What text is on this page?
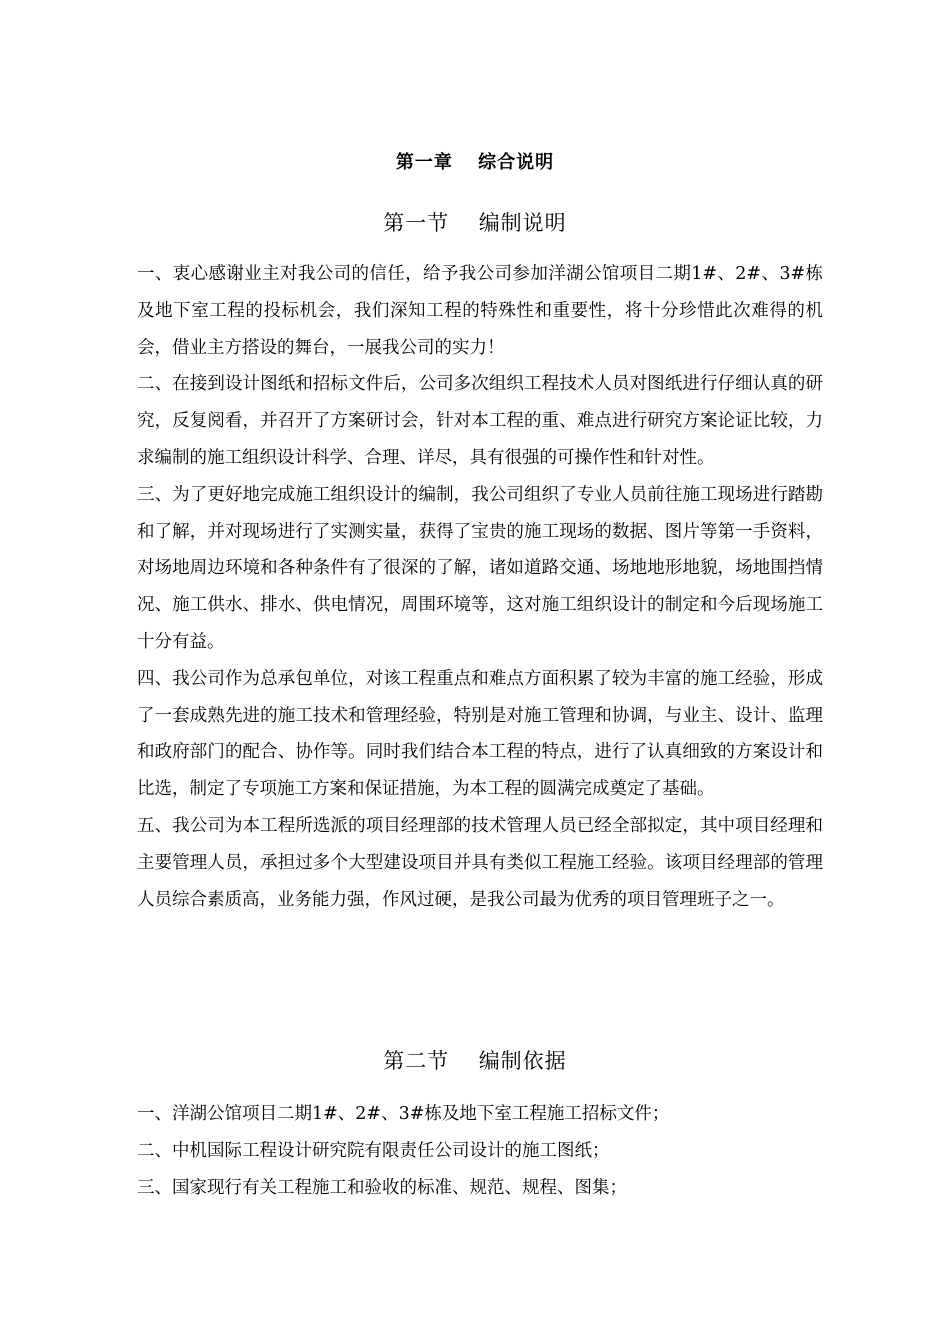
第一章 综合说明
第一节 编制说明

一、衷心感谢业主对我公司的信任，给予我公司参加洋湖公馆项目二期1#、2#、3#栋及地下室工程的投标机会，我们深知工程的特殊性和重要性，将十分珍惜此次难得的机会，借业主方搭设的舞台，一展我公司的实力！

二、在接到设计图纸和招标文件后，公司多次组织工程技术人员对图纸进行仔细认真的研究，反复阅看，并召开了方案研讨会，针对本工程的重、难点进行研究方案论证比较，力求编制的施工组织设计科学、合理、详尽，具有很强的可操作性和针对性。

三、为了更好地完成施工组织设计的编制，我公司组织了专业人员前往施工现场进行踏勘和了解，并对现场进行了实测实量，获得了宝贵的施工现场的数据、图片等第一手资料，对场地周边环境和各种条件有了很深的了解，诸如道路交通、场地地形地貌，场地围挡情况、施工供水、排水、供电情况，周围环境等，这对施工组织设计的制定和今后现场施工十分有益。

四、我公司作为总承包单位，对该工程重点和难点方面积累了较为丰富的施工经验，形成了一套成熟先进的施工技术和管理经验，特别是对施工管理和协调，与业主、设计、监理和政府部门的配合、协作等。同时我们结合本工程的特点，进行了认真细致的方案设计和比选，制定了专项施工方案和保证措施，为本工程的圆满完成奠定了基础。

五、我公司为本工程所选派的项目经理部的技术管理人员已经全部拟定，其中项目经理和主要管理人员，承担过多个大型建设项目并具有类似工程施工经验。该项目经理部的管理人员综合素质高，业务能力强，作风过硬，是我公司最为优秀的项目管理班子之一。

第二节 编制依据

一、洋湖公馆项目二期1#、2#、3#栋及地下室工程施工招标文件；

二、中机国际工程设计研究院有限责任公司设计的施工图纸；

三、国家现行有关工程施工和验收的标准、规范、规程、图集；
